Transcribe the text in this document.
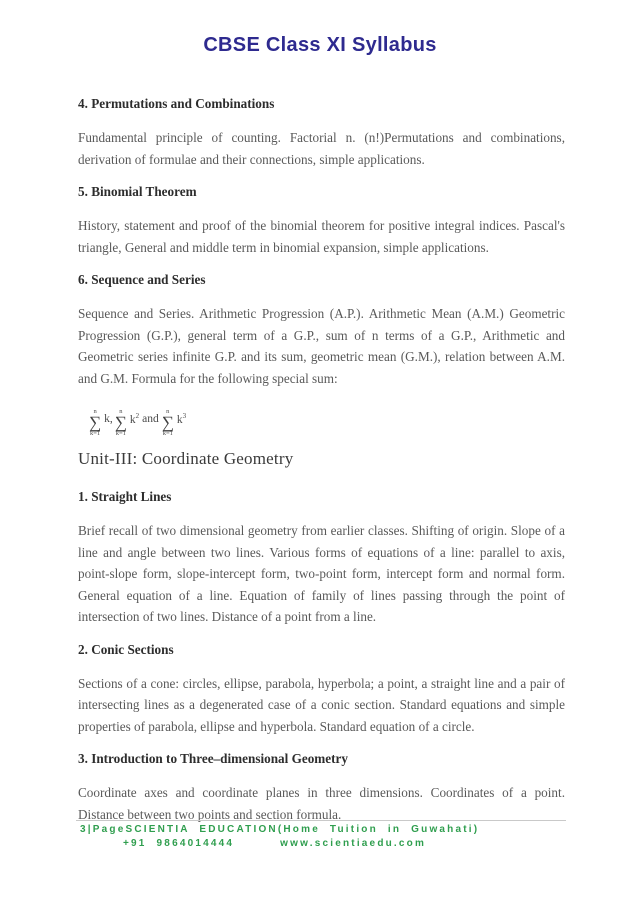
CBSE Class XI Syllabus
4. Permutations and Combinations

Fundamental principle of counting. Factorial n. (n!)Permutations and combinations, derivation of formulae and their connections, simple applications.

5. Binomial Theorem

History, statement and proof of the binomial theorem for positive integral indices. Pascal's triangle, General and middle term in binomial expansion, simple applications.

6. Sequence and Series

Sequence and Series. Arithmetic Progression (A.P.). Arithmetic Mean (A.M.) Geometric Progression (G.P.), general term of a G.P., sum of n terms of a G.P., Arithmetic and Geometric series infinite G.P. and its sum, geometric mean (G.M.), relation between A.M. and G.M. Formula for the following special sum:

n
∑
k=1
k,
n
∑
k=1
$k^2$ and
n
∑
k=1
$k^3$
Unit-III: Coordinate Geometry
1. Straight Lines

Brief recall of two dimensional geometry from earlier classes. Shifting of origin. Slope of a line and angle between two lines. Various forms of equations of a line: parallel to axis, point-slope form, slope-intercept form, two-point form, intercept form and normal form. General equation of a line. Equation of family of lines passing through the point of intersection of two lines. Distance of a point from a line.

2. Conic Sections

Sections of a cone: circles, ellipse, parabola, hyperbola; a point, a straight line and a pair of intersecting lines as a degenerated case of a conic section. Standard equations and simple properties of parabola, ellipse and hyperbola. Standard equation of a circle.

3. Introduction to Three–dimensional Geometry

Coordinate axes and coordinate planes in three dimensions. Coordinates of a point. Distance between two points and section formula.

3|PageSCIENTIA EDUCATION(Home Tuition in Guwahati)
+91 9864014444	www.scientiaedu.com
